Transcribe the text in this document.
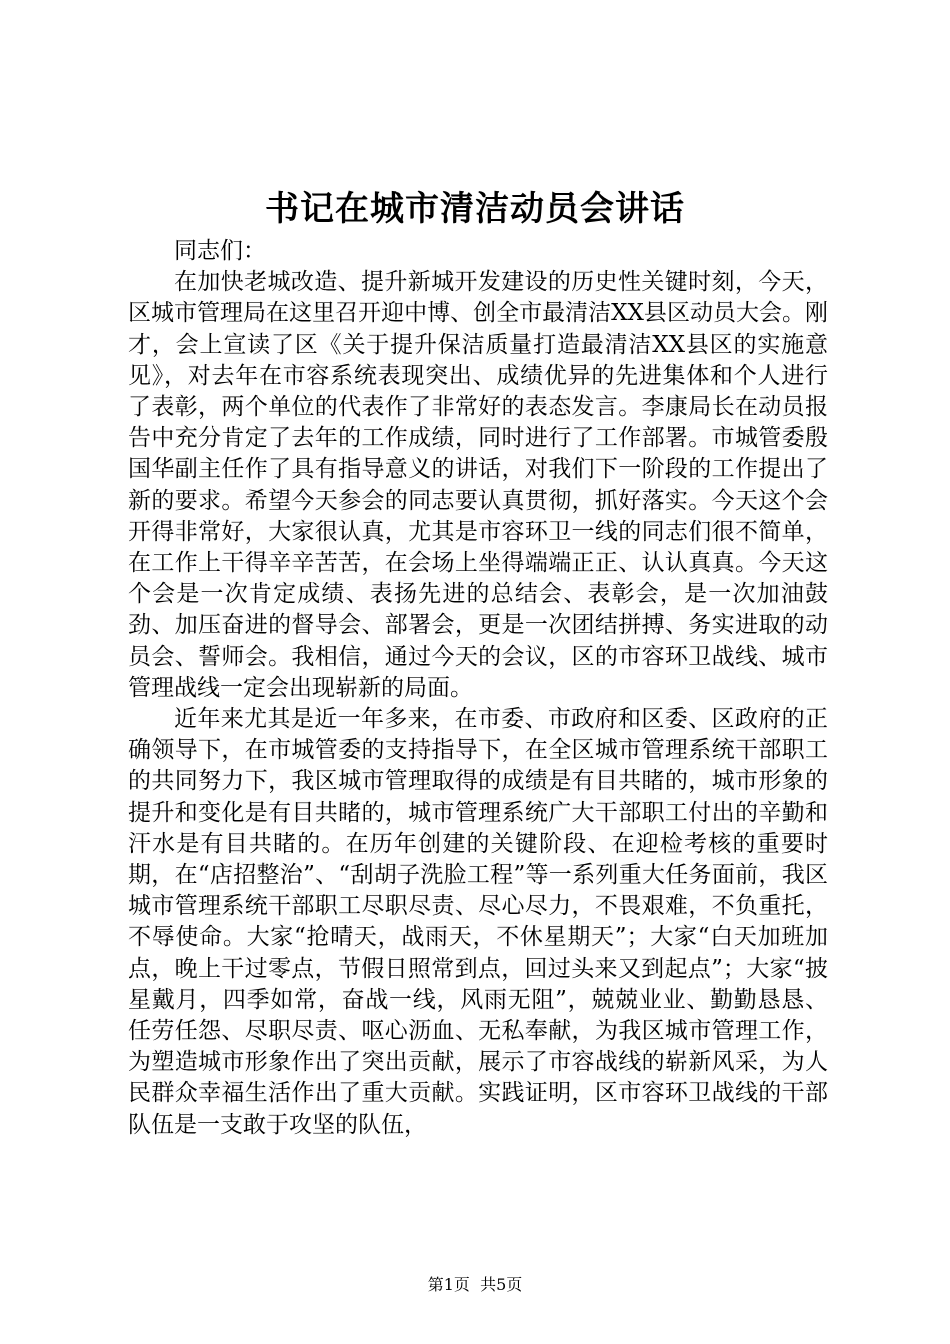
书记在城市清洁动员会讲话

同志们：

在加快老城改造、提升新城开发建设的历史性关键时刻，今天，区城市管理局在这里召开迎中博、创全市最清洁XX县区动员大会。刚才，会上宣读了区《关于提升保洁质量打造最清洁XX县区的实施意见》，对去年在市容系统表现突出、成绩优异的先进集体和个人进行了表彰，两个单位的代表作了非常好的表态发言。李康局长在动员报告中充分肯定了去年的工作成绩，同时进行了工作部署。市城管委殷国华副主任作了具有指导意义的讲话，对我们下一阶段的工作提出了新的要求。希望今天参会的同志要认真贯彻，抓好落实。今天这个会开得非常好，大家很认真，尤其是市容环卫一线的同志们很不简单，在工作上干得辛辛苦苦，在会场上坐得端端正正、认认真真。今天这个会是一次肯定成绩、表扬先进的总结会、表彰会，是一次加油鼓劲、加压奋进的督导会、部署会，更是一次团结拼搏、务实进取的动员会、誓师会。我相信，通过今天的会议，区的市容环卫战线、城市管理战线一定会出现崭新的局面。

近年来尤其是近一年多来，在市委、市政府和区委、区政府的正确领导下，在市城管委的支持指导下，在全区城市管理系统干部职工的共同努力下，我区城市管理取得的成绩是有目共睹的，城市形象的提升和变化是有目共睹的，城市管理系统广大干部职工付出的辛勤和汗水是有目共睹的。在历年创建的关键阶段、在迎检考核的重要时期，在“店招整治”、“刮胡子洗脸工程”等一系列重大任务面前，我区城市管理系统干部职工尽职尽责、尽心尽力，不畏艰难，不负重托，不辱使命。大家“抢晴天，战雨天，不休星期天”；大家“白天加班加点，晚上干过零点，节假日照常到点，回过头来又到起点”；大家“披星戴月，四季如常，奋战一线，风雨无阻”，兢兢业业、勤勤恳恳、任劳任怨、尽职尽责、呕心沥血、无私奉献，为我区城市管理工作，为塑造城市形象作出了突出贡献，展示了市容战线的崭新风采，为人民群众幸福生活作出了重大贡献。实践证明，区市容环卫战线的干部队伍是一支敢于攻坚的队伍，

第1页 共5页
